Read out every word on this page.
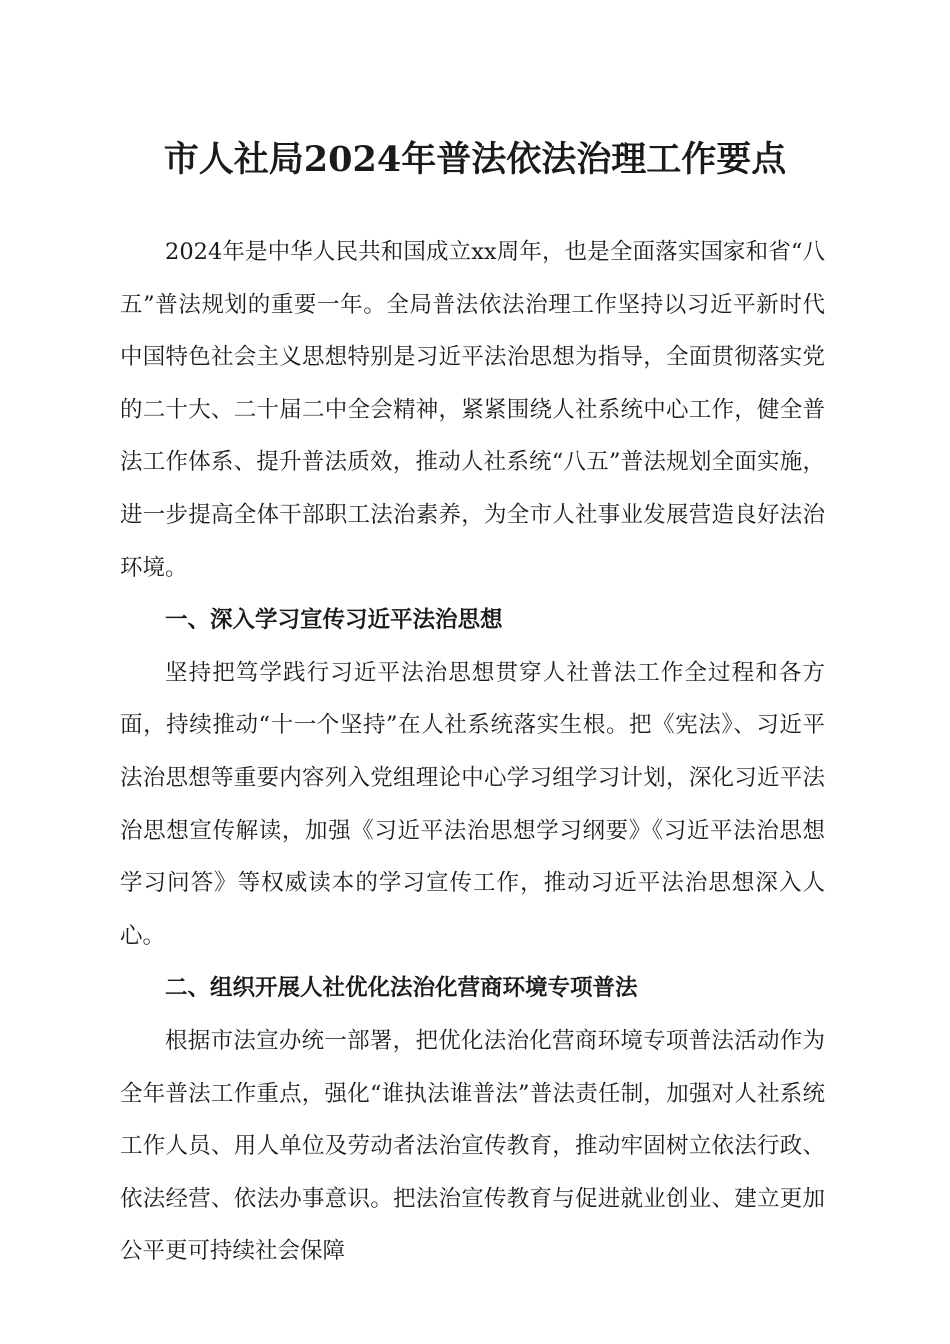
市人社局2024年普法依法治理工作要点

2024年是中华人民共和国成立xx周年，也是全面落实国家和省“八五”普法规划的重要一年。全局普法依法治理工作坚持以习近平新时代中国特色社会主义思想特别是习近平法治思想为指导，全面贯彻落实党的二十大、二十届二中全会精神，紧紧围绕人社系统中心工作，健全普法工作体系、提升普法质效，推动人社系统“八五”普法规划全面实施，进一步提高全体干部职工法治素养，为全市人社事业发展营造良好法治环境。

一、深入学习宣传习近平法治思想

坚持把笃学践行习近平法治思想贯穿人社普法工作全过程和各方面，持续推动“十一个坚持”在人社系统落实生根。把《宪法》、习近平法治思想等重要内容列入党组理论中心学习组学习计划，深化习近平法治思想宣传解读，加强《习近平法治思想学习纲要》《习近平法治思想学习问答》等权威读本的学习宣传工作，推动习近平法治思想深入人心。

二、组织开展人社优化法治化营商环境专项普法

根据市法宣办统一部署，把优化法治化营商环境专项普法活动作为全年普法工作重点，强化“谁执法谁普法”普法责任制，加强对人社系统工作人员、用人单位及劳动者法治宣传教育，推动牢固树立依法行政、依法经营、依法办事意识。把法治宣传教育与促进就业创业、建立更加公平更可持续社会保障
